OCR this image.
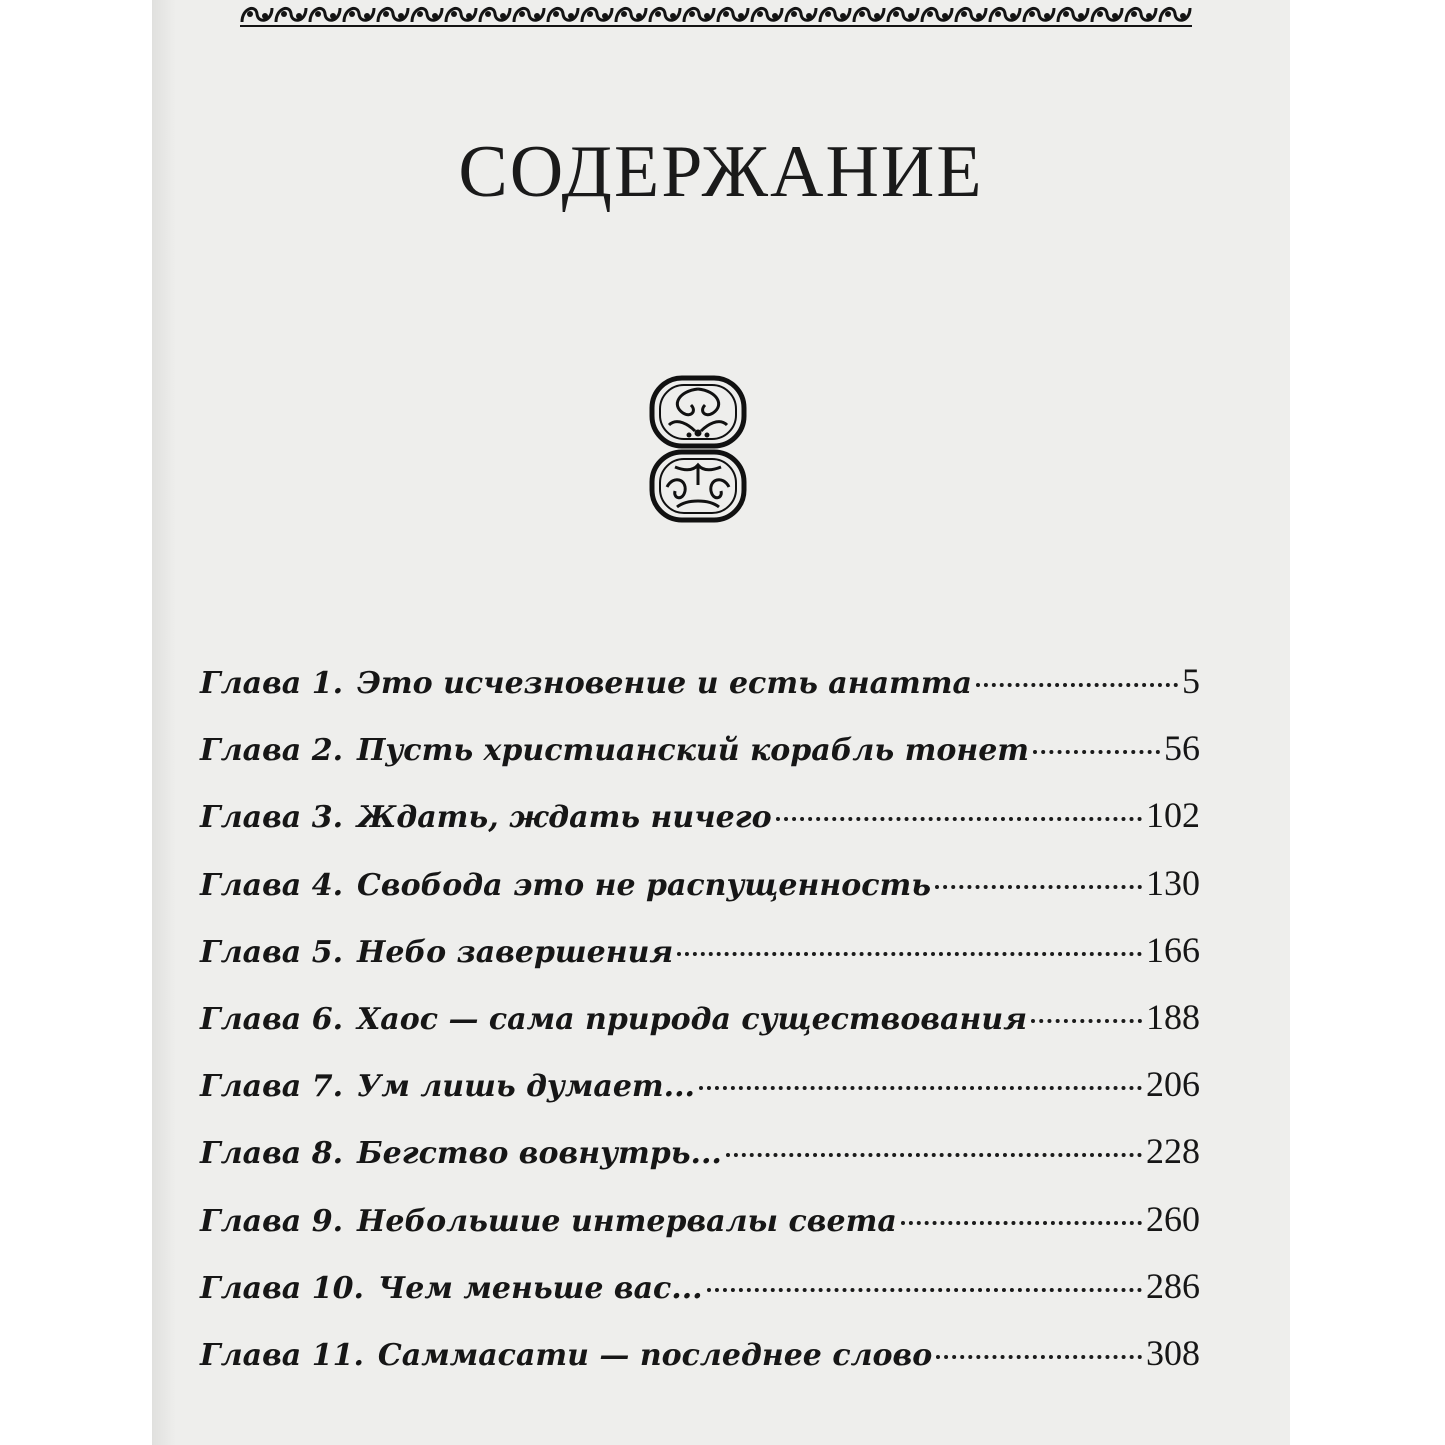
СОДЕРЖАНИЕ
Глава 1. Это исчезновение и есть анатта	5
Глава 2. Пусть христианский корабль тонет	56
Глава 3. Ждать, ждать ничего	102
Глава 4. Свобода это не распущенность	130
Глава 5. Небо завершения	166
Глава 6. Хаос — сама природа существования	188
Глава 7. Ум лишь думает...	206
Глава 8. Бегство вовнутрь...	228
Глава 9. Небольшие интервалы света	260
Глава 10. Чем меньше вас...	286
Глава 11. Саммасати — последнее слово	308
